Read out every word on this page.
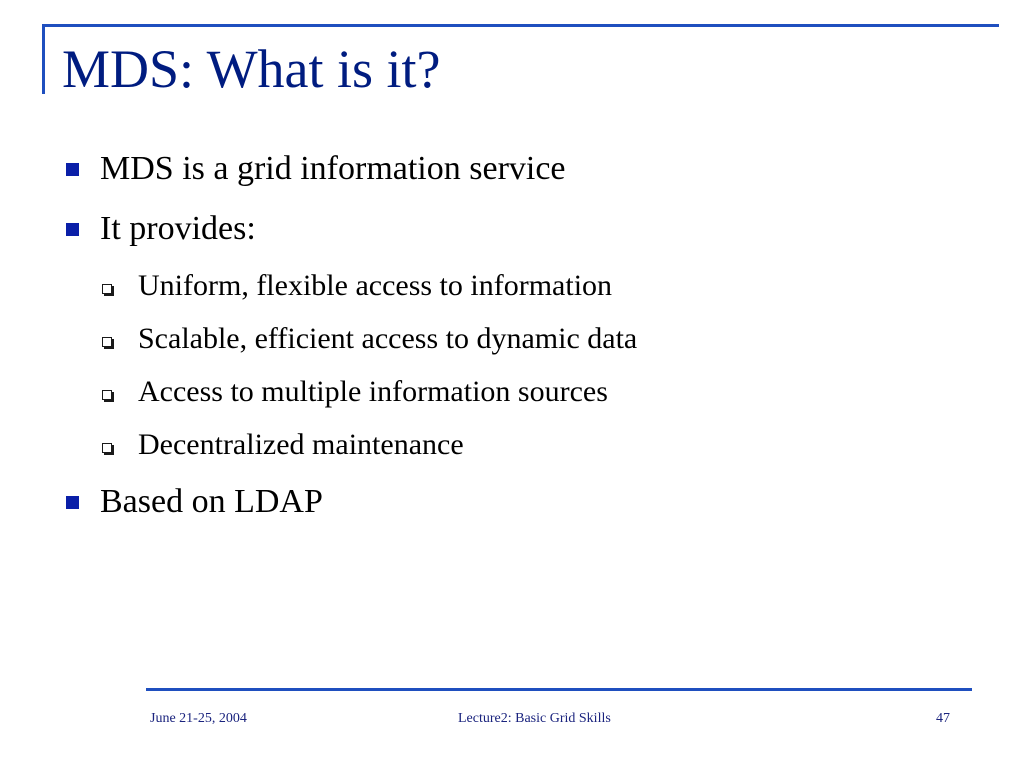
MDS: What is it?
MDS is a grid information service
It provides:
Uniform, flexible access to information
Scalable, efficient access to dynamic data
Access to multiple information sources
Decentralized maintenance
Based on LDAP
June 21-25, 2004	Lecture2: Basic Grid Skills	47
